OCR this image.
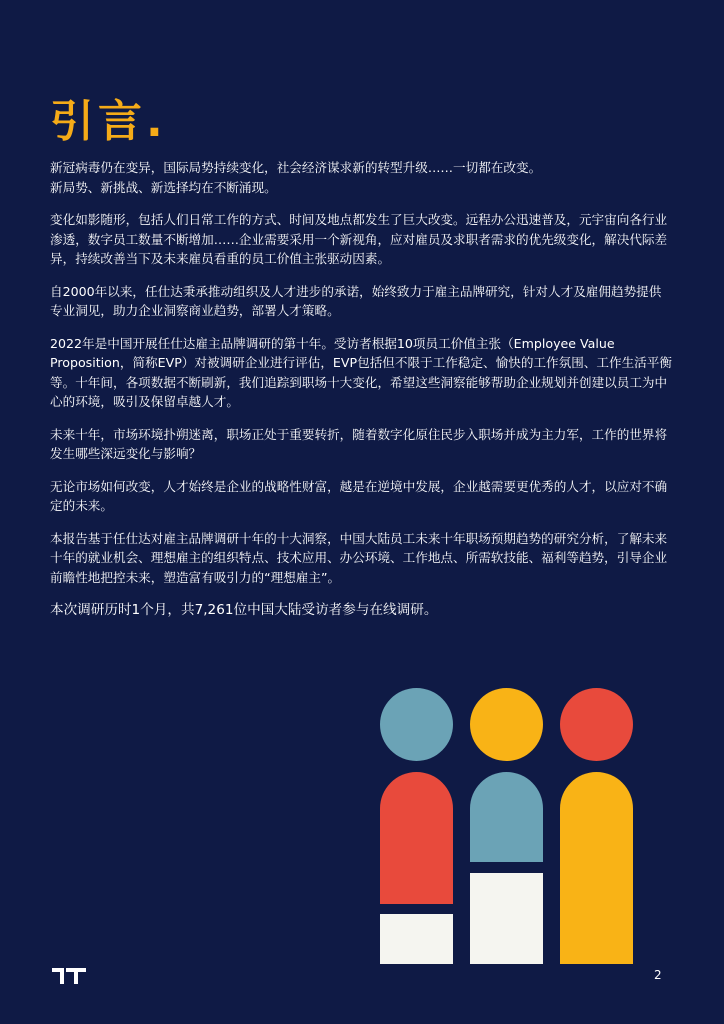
引言.

新冠病毒仍在变异，国际局势持续变化，社会经济谋求新的转型升级……一切都在改变。
新局势、新挑战、新选择均在不断涌现。

变化如影随形，包括人们日常工作的方式、时间及地点都发生了巨大改变。远程办公迅速普及，元宇宙向各行业渗透，数字员工数量不断增加……企业需要采用一个新视角，应对雇员及求职者需求的优先级变化，解决代际差异，持续改善当下及未来雇员看重的员工价值主张驱动因素。

自2000年以来，任仕达秉承推动组织及人才进步的承诺，始终致力于雇主品牌研究，针对人才及雇佣趋势提供专业洞见，助力企业洞察商业趋势，部署人才策略。

2022年是中国开展任仕达雇主品牌调研的第十年。受访者根据10项员工价值主张（Employee Value Proposition，简称EVP）对被调研企业进行评估，EVP包括但不限于工作稳定、愉快的工作氛围、工作生活平衡等。十年间，各项数据不断刷新，我们追踪到职场十大变化，希望这些洞察能够帮助企业规划并创建以员工为中心的环境，吸引及保留卓越人才。

未来十年，市场环境扑朔迷离，职场正处于重要转折，随着数字化原住民步入职场并成为主力军，工作的世界将发生哪些深远变化与影响？

无论市场如何改变，人才始终是企业的战略性财富，越是在逆境中发展，企业越需要更优秀的人才，以应对不确定的未来。

本报告基于任仕达对雇主品牌调研十年的十大洞察，中国大陆员工未来十年职场预期趋势的研究分析，了解未来十年的就业机会、理想雇主的组织特点、技术应用、办公环境、工作地点、所需软技能、福利等趋势，引导企业前瞻性地把控未来，塑造富有吸引力的“理想雇主”。

本次调研历时1个月，共7,261位中国大陆受访者参与在线调研。

2
